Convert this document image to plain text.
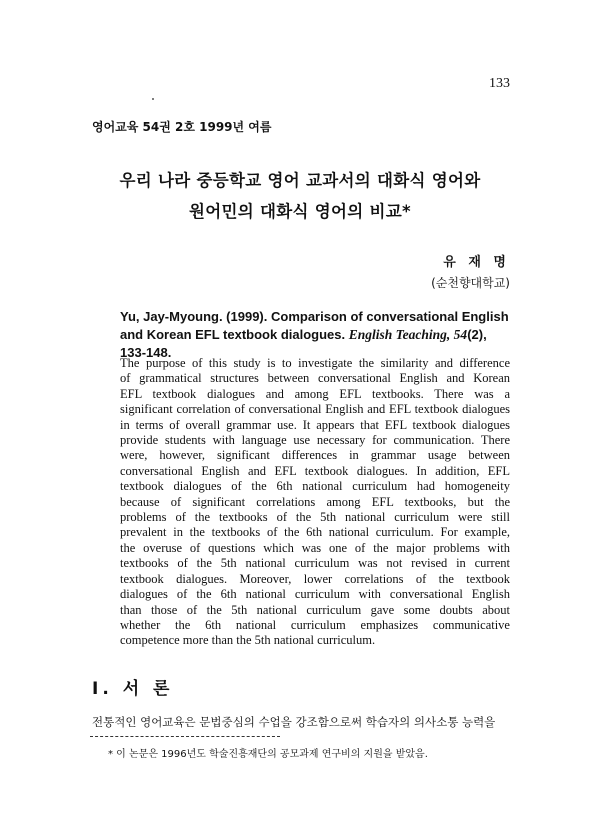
133
영어교육 54권 2호 1999년 여름
우리 나라 중등학교 영어 교과서의 대화식 영어와
원어민의 대화식 영어의 비교*
유 재 명
(순천향대학교)
Yu, Jay-Myoung. (1999). Comparison of conversational English
and Korean EFL textbook dialogues. English Teaching, 54(2),
133-148.
The purpose of this study is to investigate the similarity and difference
of grammatical structures between conversational English and Korean
EFL textbook dialogues and among EFL textbooks. There was a
significant correlation of conversational English and EFL textbook dialogues
in terms of overall grammar use. It appears that EFL textbook dialogues
provide students with language use necessary for communication. There
were, however, significant differences in grammar usage between
conversational English and EFL textbook dialogues. In addition, EFL
textbook dialogues of the 6th national curriculum had homogeneity
because of significant correlations among EFL textbooks, but the
problems of the textbooks of the 5th national curriculum were still
prevalent in the textbooks of the 6th national curriculum. For example,
the overuse of questions which was one of the major problems with
textbooks of the 5th national curriculum was not revised in current
textbook dialogues. Moreover, lower correlations of the textbook
dialogues of the 6th national curriculum with conversational English
than those of the 5th national curriculum gave some doubts about
whether the 6th national curriculum emphasizes communicative
competence more than the 5th national curriculum.
I. 서 론
전통적인 영어교육은 문법중심의 수업을 강조함으로써 학습자의 의사소통 능력을
* 이 논문은 1996년도 학술진흥재단의 공모과제 연구비의 지원을 받았음.
